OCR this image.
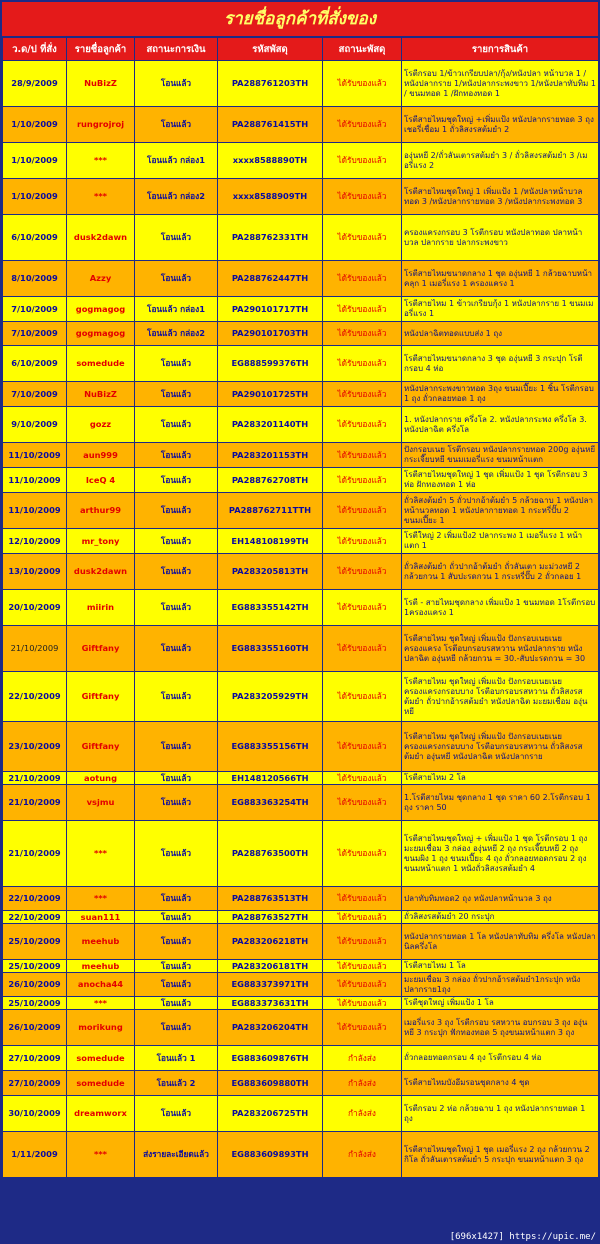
รายชื่อลูกค้าที่สั่งของ
ว.ด/ป ที่สั่ง	รายชื่อลูกค้า	สถานะการเงิน	รหัสพัสดุ	สถานะพัสดุ	รายการสินค้า
28/9/2009	NuBizZ	โอนแล้ว	PA288761203TH	ได้รับของแล้ว	โรตีกรอบ 1/ข้าวเกรียบปลา/กุ้ง/หนังปลา หน้าบวล 1 /หนังปลากราย 1/หนังปลากระพงขาว 1/หนังปลาทับทิม 1 / ขนมทอด 1 /ฝักทองทอด 1
1/10/2009	rungrojroj	โอนแล้ว	PA288761415TH	ได้รับของแล้ว	โรตีสายไหมชุดใหญ่ +เพิ่มแป้ง หนังปลากรายทอด 3 ถุง เชอรี่เชื่อม 1 ถั่วลิสงรสต้มยำ 2
1/10/2009	***	โอนแล้ว กล่อง1	xxxx8588890TH	ได้รับของแล้ว	องุ่นหยี 2/ถั่วลันเตารสต้มยำ 3 / ถั่วลิสงรสต้มยำ 3 /เมอรี่แรง 2
1/10/2009	***	โอนแล้ว กล่อง2	xxxx8588909TH	ได้รับของแล้ว	โรตีสายไหมชุดใหญ่ 1 เพิ่มแป้ง 1 /หนังปลาหน้าบวลทอด 3 /หนังปลากรายทอด 3 /หนังปลากระพงทอด 3
6/10/2009	dusk2dawn	โอนแล้ว	PA288762331TH	ได้รับของแล้ว	ครองแครงกรอบ 3 โรตีกรอบ หนังปลาทอด ปลาหน้าบวล ปลากราย ปลากระพงขาว
8/10/2009	Azzy	โอนแล้ว	PA288762447TH	ได้รับของแล้ว	โรตีสายไหมขนาดกลาง 1 ชุด องุ่นหยี 1 กล้วยฉาบหน้าคลุก 1 เมอรี่แรง 1 ครองแครง 1
7/10/2009	gogmagog	โอนแล้ว กล่อง1	PA290101717TH	ได้รับของแล้ว	โรตีสายไหม 1 ข้าวเกรียบกุ้ง 1 หนังปลากราย 1 ขนมเมอรี่แรง 1
7/10/2009	gogmagog	โอนแล้ว กล่อง2	PA290101703TH	ได้รับของแล้ว	หนังปลาฉิตทอดแบบส่ง 1 ถุง
6/10/2009	somedude	โอนแล้ว	EG888599376TH	ได้รับของแล้ว	โรตีสายไหมขนาดกลาง 3 ชุด องุ่นหยี 3 กระปุก โรตีกรอบ 4 ห่อ
7/10/2009	NuBizZ	โอนแล้ว	PA290101725TH	ได้รับของแล้ว	หนังปลากระพงขาวทอด 3ถุง ขนมเปี๊ยะ 1 ชิ้น โรตีกรอบ 1 ถุง ถั่วกลอยทอด 1 ถุง
9/10/2009	gozz	โอนแล้ว	PA283201140TH	ได้รับของแล้ว	1. หนังปลากราย ครึ่งโล 2. หนังปลากระพง ครึ่งโล 3. หนังปลาฉิต ครึ่งโล
11/10/2009	aun999	โอนแล้ว	PA283201153TH	ได้รับของแล้ว	ปังกรอบเนย โรตีกรอบ หนังปลากรายทอด 200g องุ่นหยี กระเจี๊ยบหยี ขนมเมอรี่แรง ขนมหน้าแตก
11/10/2009	IceQ 4	โอนแล้ว	PA288762708TH	ได้รับของแล้ว	โรตีสายไหมชุดใหญ่ 1 ชุด เพิ่มแป้ง 1 ชุด โรตีกรอบ 3 ห่อ ฝักทองทอด 1 ห่อ
11/10/2009	arthur99	โอนแล้ว	PA288762711TTH	ได้รับของแล้ว	ถั่วลิสงต้มยำ 5 ถั่วปากอ้าต้มยำ 5 กล้วยฉาบ 1 หนังปลาหน้านวลทอด 1 หนังปลากายทอด 1 กระหรี่ปั๊บ 2 ขนมเปี๊ยะ 1
12/10/2009	mr_tony	โอนแล้ว	EH148108199TH	ได้รับของแล้ว	โรตีใหญ่ 2 เพิ่มแป้ง2 ปลากระพง 1 เมอรี่แรง 1 หน้าแตก 1
13/10/2009	dusk2dawn	โอนแล้ว	PA283205813TH	ได้รับของแล้ว	ถั่วลิสงต้มยำ ถั่วปากอ้าต้มยำ ถั่วลันเตา มะม่วงหยี 2 กล้วยกวน 1 สับปะรดกวน 1 กระหรี่ปั๊บ 2 ถั่วกลอย 1
20/10/2009	miirin	โอนแล้ว	EG883355142TH	ได้รับของแล้ว	โรตี - สายไหมชุดกลาง เพิ่มแป้ง 1 ขนมทอด 1โรตีกรอบ 1ครองแครง 1
21/10/2009	Giftfany	โอนแล้ว	EG883355160TH	ได้รับของแล้ว	โรตีสายไหม ชุดใหญ่ เพิ่มแป้ง ปังกรอบเนยเนย ครองแครง โรตีอบกรอบรสหวาน หนังปลากราย หนังปลาฉิต องุ่นหยี กล้วยกวน = 30.-สับปะรดกวน = 30
22/10/2009	Giftfany	โอนแล้ว	PA283205929TH	ได้รับของแล้ว	โรตีสายไหม ชุดใหญ่ เพิ่มแป้ง ปังกรอบเนยเนย ครองแครงกรอบบาง โรตีอบกรอบรสหวาน ถั่วลิสงรสต้มยำ ถั่วปากอ้ารสต้มยำ หนังปลาฉิต มะยมเชื่อม องุ่นหยี
23/10/2009	Giftfany	โอนแล้ว	EG883355156TH	ได้รับของแล้ว	โรตีสายไหม ชุดใหญ่ เพิ่มแป้ง ปังกรอบเนยเนย ครองแครงกรอบบาง โรตีอบกรอบรสหวาน ถั่วลิสงรสต้มยำ องุ่นหยี หนังปลาฉิต หนังปลากราย
21/10/2009	aotung	โอนแล้ว	EH148120566TH	ได้รับของแล้ว	โรตีสายไหม 2 โล
21/10/2009	vsjmu	โอนแล้ว	EG883363254TH	ได้รับของแล้ว	1.โรตีสายไหม ชุดกลาง 1 ชุด ราคา 60 2.โรตีกรอบ 1 ถุง ราคา 50
21/10/2009	***	โอนแล้ว	PA288763500TH	ได้รับของแล้ว	โรตีสายไหมชุดใหญ่ + เพิ่มแป้ง 1 ชุด โรตีกรอบ 1 ถุง มะยมเชื่อม 3 กล่อง องุ่นหยี 2 ถุง กระเจี๊ยบหยี 2 ถุง ขนมผิง 1 ถุง ขนมเปี๊ยะ 4 ถุง ถั่วกลอยทอดกรอบ 2 ถุง ขนมหน้าแตก 1 หนังถั่วลิสงรสต้มยำ 4
22/10/2009	***	โอนแล้ว	PA288763513TH	ได้รับของแล้ว	ปลาทับทิมทอด2 ถุง หนังปลาหน้านวล 3 ถุง
22/10/2009	suan111	โอนแล้ว	PA288763527TH	ได้รับของแล้ว	ถั่วลิสงรสต้มยำ 20 กระปุก
25/10/2009	meehub	โอนแล้ว	PA283206218TH	ได้รับของแล้ว	หนังปลากรายทอด 1 โล หนังปลาทับทิม ครึ่งโล หนังปลานิลครึ่งโล
25/10/2009	meehub	โอนแล้ว	PA283206181TH	ได้รับของแล้ว	โรตีสายไหม 1 โล
26/10/2009	anocha44	โอนแล้ว	EG883373971TH	ได้รับของแล้ว	มะยมเชื่อม 3 กล่อง ถั่วปากอ้ารสต้มยำ1กระปุก หนังปลากราย1ถุง
25/10/2009	***	โอนแล้ว	EG883373631TH	ได้รับของแล้ว	โรตีชุดใหญ่ เพิ่มแป้ง 1 โล
26/10/2009	morikung	โอนแล้ว	PA283206204TH	ได้รับของแล้ว	เมอรี่แรง 3 ถุง โรตีกรอบ รสหวาน อบกรอบ 3 ถุง องุ่นหยี 3 กระปุก ฟักทองทอด 5 ถุงขนมหน้าแตก 3 ถุง
27/10/2009	somedude	โอนแล้ว 1	EG883609876TH	กำลังส่ง	ถั่วกลอยทอดกรอบ 4 ถุง โรตีกรอบ 4 ห่อ
27/10/2009	somedude	โอนแล้ว 2	EG883609880TH	กำลังส่ง	โรตีสายไหมบังอีมรอนชุดกลาง 4 ชุด
30/10/2009	dreamworx	โอนแล้ว	PA283206725TH	กำลังส่ง	โรตีกรอบ 2 ห่อ กล้วยฉาบ 1 ถุง หนังปลากรายทอด 1 ถุง
1/11/2009	***	ส่งรายละเอียดแล้ว	EG883609893TH	กำลังส่ง	โรตีสายไหมชุดใหญ่ 1 ชุด เมอรี่แรง 2 ถุง กล้วยกวน 2 กิโล ถั่วลันเตารสต้มยำ 5 กระปุก ขนมหน้าแตก 3 ถุง
[696x1427] https://upic.me/
